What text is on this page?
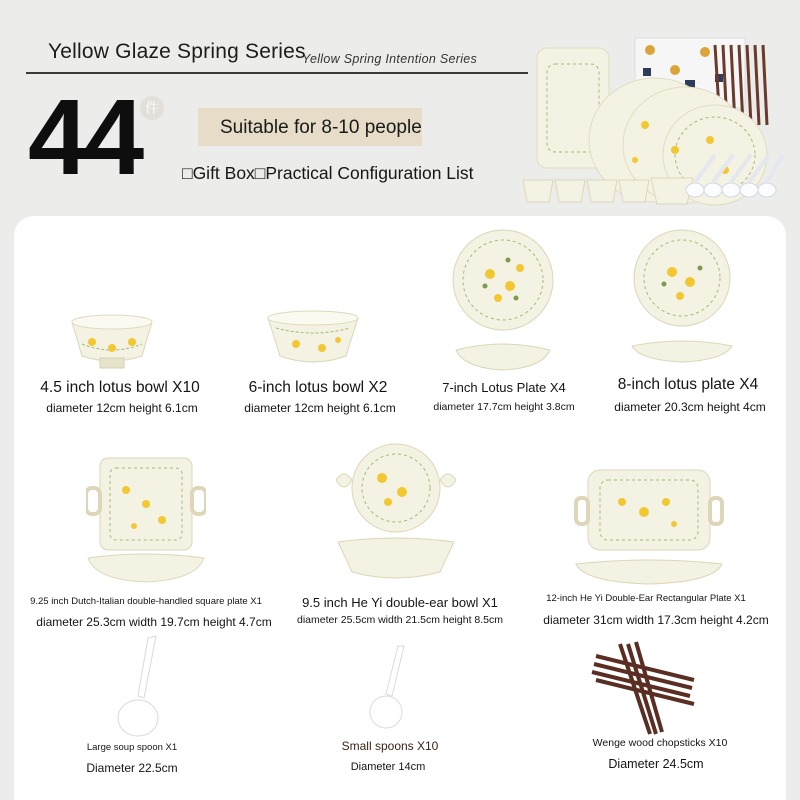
Yellow Glaze Spring Series
Yellow Spring Intention Series
44 件
Suitable for 8-10 people
□Gift Box□Practical Configuration List
4.5 inch lotus bowl X10
diameter 12cm height 6.1cm
6-inch lotus bowl X2
diameter 12cm height 6.1cm
7-inch Lotus Plate X4
diameter 17.7cm height 3.8cm
8-inch lotus plate X4
diameter 20.3cm height 4cm
9.25 inch Dutch-Italian double-handled square plate X1
diameter 25.3cm width 19.7cm height 4.7cm
9.5 inch He Yi double-ear bowl X1
diameter 25.5cm width 21.5cm height 8.5cm
12-inch He Yi Double-Ear Rectangular Plate X1
diameter 31cm width 17.3cm height 4.2cm
Large soup spoon X1
Diameter 22.5cm
Small spoons X10
Diameter 14cm
Wenge wood chopsticks X10
Diameter 24.5cm
